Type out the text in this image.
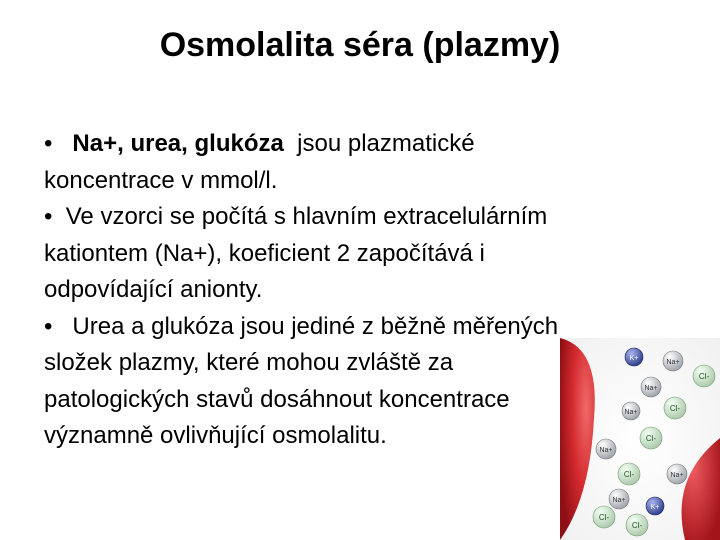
Osmolalita séra (plazmy)
• Na+, urea, glukóza jsou plazmatické
koncentrace v mmol/l.
• Ve vzorci se počítá s hlavním extracelulárním
kationtem (Na+), koeficient 2 započítává i
odpovídající anionty.
• Urea a glukóza jsou jediné z běžně měřených
složek plazmy, které mohou zvláště za
patologických stavů dosáhnout koncentrace
významně ovlivňující osmolalitu.
K+
Na+
Cl-
Na+
Na+	Cl-
Cl-
Na+
Cl-	Na+
Na+
K+
Cl-
Cl-
